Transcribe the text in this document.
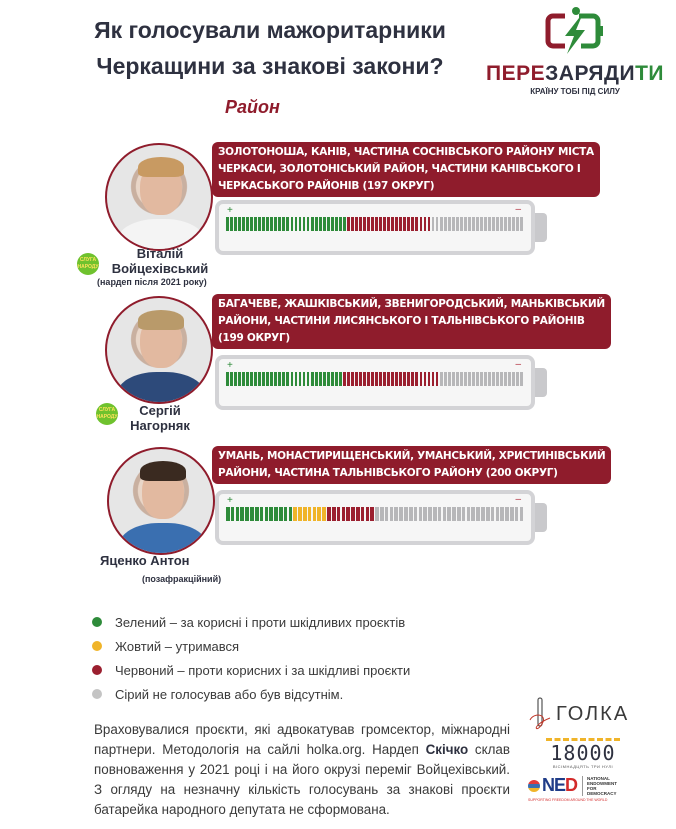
Як голосували мажоритарники
Черкащини за знакові закони?
Район
ПЕРЕЗАРЯДИТИ
КРАЇНУ ТОБІ ПІД СИЛУ
СЛУГА НАРОДУ
Віталій
Войцехівський
(нардеп після 2021 року)
ЗОЛОТОНОША, КАНІВ, ЧАСТИНА СОСНІВСЬКОГО РАЙОНУ МІСТА
ЧЕРКАСИ, ЗОЛОТОНІСЬКИЙ РАЙОН, ЧАСТИНИ КАНІВСЬКОГО І
ЧЕРКАСЬКОГО РАЙОНІВ (197 ОКРУГ)
+	–
СЛУГА НАРОДУ	Сергій
Нагорняк
БАГАЧЕВЕ, ЖАШКІВСЬКИЙ, ЗВЕНИГОРОДСЬКИЙ, МАНЬКІВСЬКИЙ
РАЙОНИ, ЧАСТИНИ ЛИСЯНСЬКОГО І ТАЛЬНІВСЬКОГО РАЙОНІВ
(199 ОКРУГ)
+	–
Яценко Антон
(позафракційний)
УМАНЬ, МОНАСТИРИЩЕНСЬКИЙ, УМАНСЬКИЙ, ХРИСТИНІВСЬКИЙ
РАЙОНИ, ЧАСТИНА ТАЛЬНІВСЬКОГО РАЙОНУ (200 ОКРУГ)
+	–
Зелений – за корисні і проти шкідливих проєктів
Жовтий – утримався
Червоний – проти корисних і за шкідливі проєкти
Сірий не голосував або був відсутнім.
Враховувалися проєкти, які адвокатував громсектор, міжнародні партнери. Методологія на сайлі holka.org. Нардеп Скічко склав повноваження у 2021 році і на його окрузі переміг Войцехівський. З огляду на незначну кількість голосувань за знакові проєкти батарейка народного депутата не сформована.
ГОЛКА
18000
ВІСІМНАДЦЯТЬ ТРИ НУЛІ
NED NATIONAL
ENDOWMENT
FOR
DEMOCRACY
SUPPORTING FREEDOM AROUND THE WORLD
